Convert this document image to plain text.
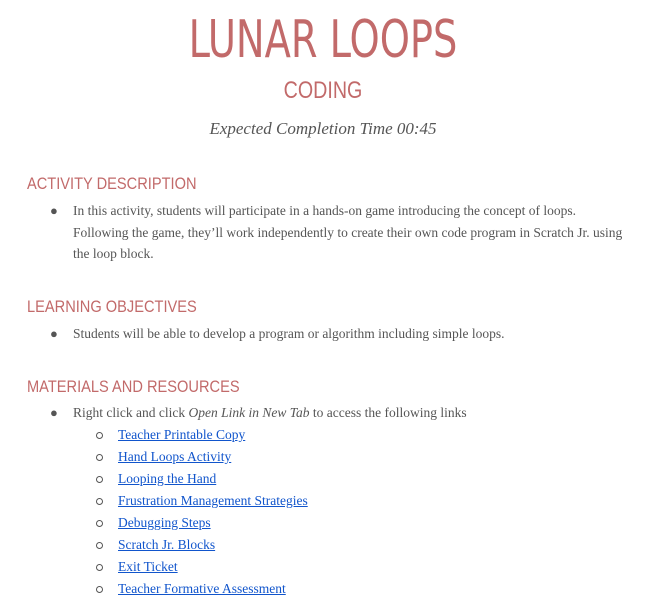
LUNAR LOOPS
CODING
Expected Completion Time 00:45
ACTIVITY DESCRIPTION
●	In this activity, students will participate in a hands-on game introducing the concept of loops. Following the game, they’ll work independently to create their own code program in Scratch Jr. using the loop block.
LEARNING OBJECTIVES
●	Students will be able to develop a program or algorithm including simple loops.
MATERIALS AND RESOURCES
●	Right click and click Open Link in New Tab to access the following links
Teacher Printable Copy
Hand Loops Activity
Looping the Hand
Frustration Management Strategies
Debugging Steps
Scratch Jr. Blocks
Exit Ticket
Teacher Formative Assessment
